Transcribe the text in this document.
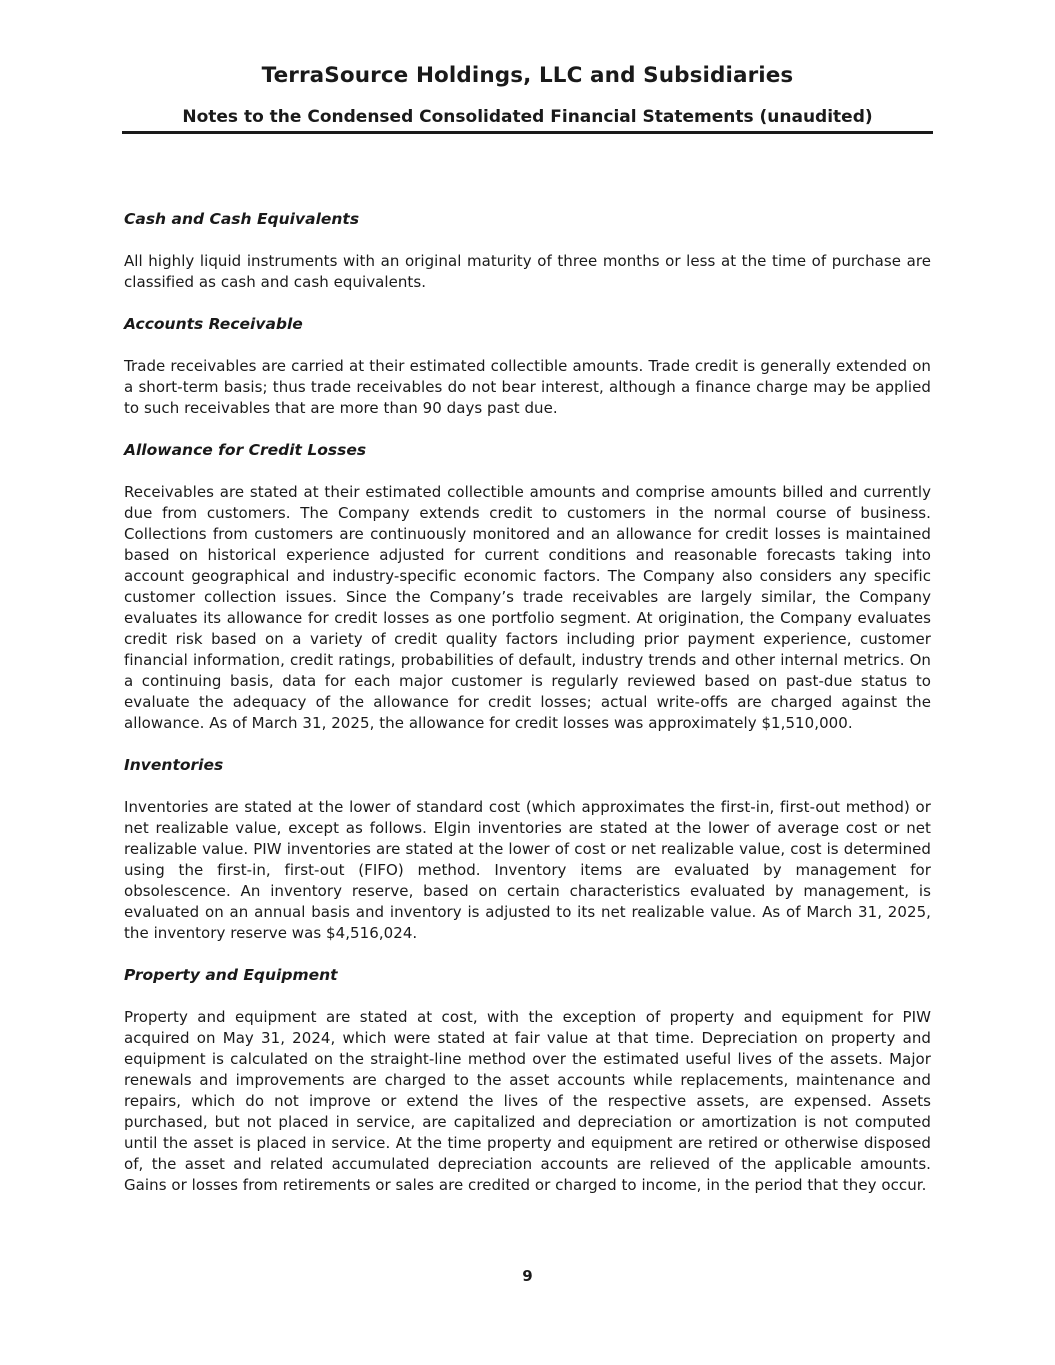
TerraSource Holdings, LLC and Subsidiaries
Notes to the Condensed Consolidated Financial Statements (unaudited)
Cash and Cash Equivalents

All highly liquid instruments with an original maturity of three months or less at the time of purchase are classified as cash and cash equivalents.

Accounts Receivable

Trade receivables are carried at their estimated collectible amounts. Trade credit is generally extended on a short-term basis; thus trade receivables do not bear interest, although a finance charge may be applied to such receivables that are more than 90 days past due.

Allowance for Credit Losses

Receivables are stated at their estimated collectible amounts and comprise amounts billed and currently due from customers. The Company extends credit to customers in the normal course of business. Collections from customers are continuously monitored and an allowance for credit losses is maintained based on historical experience adjusted for current conditions and reasonable forecasts taking into account geographical and industry-specific economic factors. The Company also considers any specific customer collection issues. Since the Company’s trade receivables are largely similar, the Company evaluates its allowance for credit losses as one portfolio segment. At origination, the Company evaluates credit risk based on a variety of credit quality factors including prior payment experience, customer financial information, credit ratings, probabilities of default, industry trends and other internal metrics. On a continuing basis, data for each major customer is regularly reviewed based on past-due status to evaluate the adequacy of the allowance for credit losses; actual write-offs are charged against the allowance. As of March 31, 2025, the allowance for credit losses was approximately $1,510,000.

Inventories

Inventories are stated at the lower of standard cost (which approximates the first-in, first-out method) or net realizable value, except as follows. Elgin inventories are stated at the lower of average cost or net realizable value. PIW inventories are stated at the lower of cost or net realizable value, cost is determined using the first-in, first-out (FIFO) method. Inventory items are evaluated by management for obsolescence. An inventory reserve, based on certain characteristics evaluated by management, is evaluated on an annual basis and inventory is adjusted to its net realizable value. As of March 31, 2025, the inventory reserve was $4,516,024.

Property and Equipment

Property and equipment are stated at cost, with the exception of property and equipment for PIW acquired on May 31, 2024, which were stated at fair value at that time. Depreciation on property and equipment is calculated on the straight-line method over the estimated useful lives of the assets. Major renewals and improvements are charged to the asset accounts while replacements, maintenance and repairs, which do not improve or extend the lives of the respective assets, are expensed. Assets purchased, but not placed in service, are capitalized and depreciation or amortization is not computed until the asset is placed in service. At the time property and equipment are retired or otherwise disposed of, the asset and related accumulated depreciation accounts are relieved of the applicable amounts. Gains or losses from retirements or sales are credited or charged to income, in the period that they occur.

9
